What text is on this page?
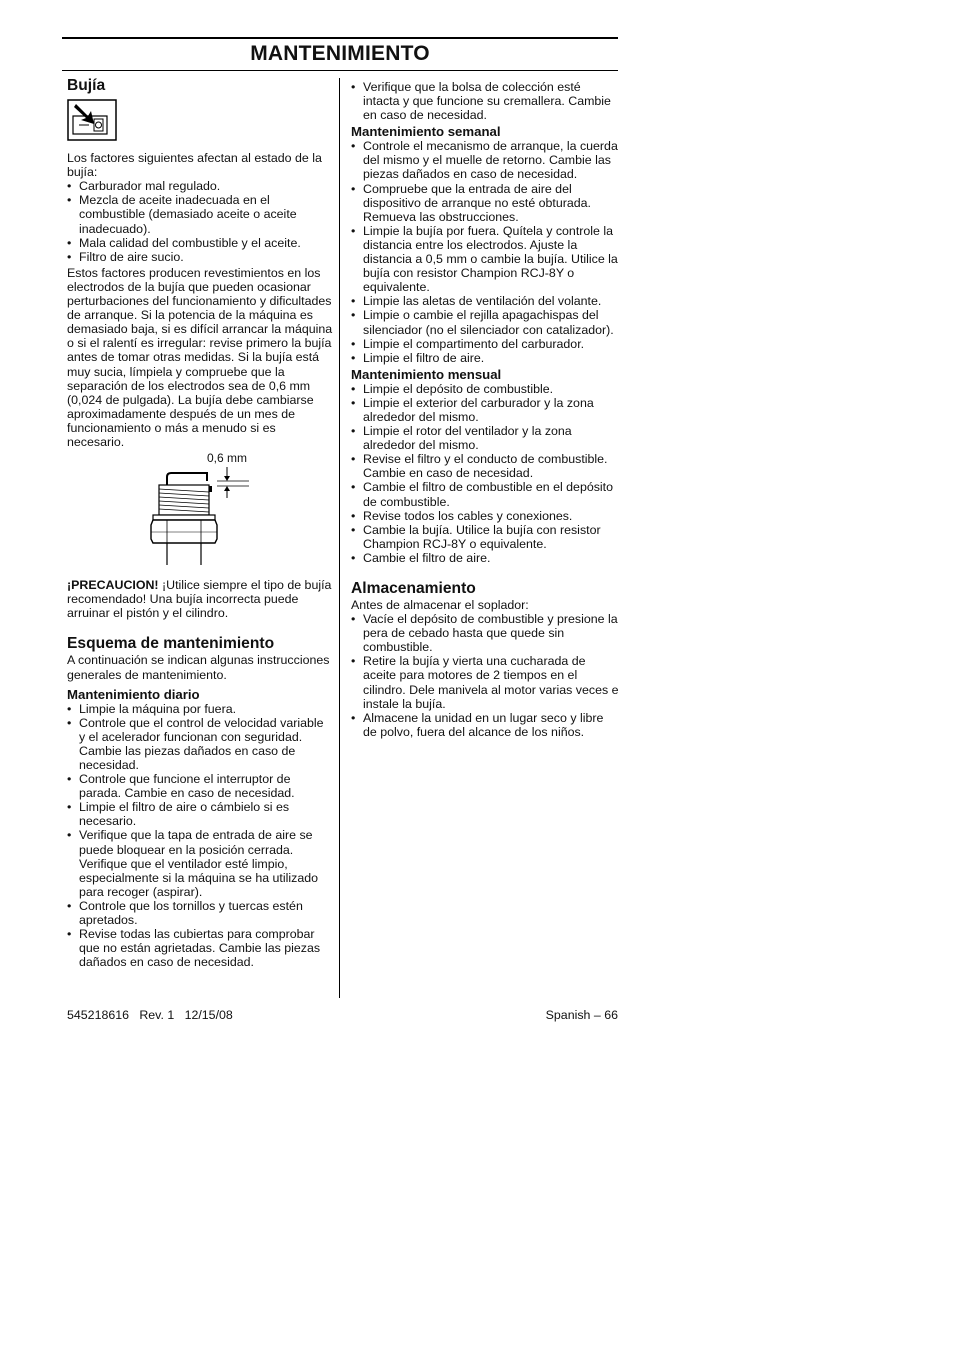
MANTENIMIENTO
Bujía

Los factores siguientes afectan al estado de la bujía:

• Carburador mal regulado.
• Mezcla de aceite inadecuada en el combustible (demasiado aceite o aceite inadecuado).
• Mala calidad del combustible y el aceite.
• Filtro de aire sucio.

Estos factores producen revestimientos en los electrodos de la bujía que pueden ocasionar perturbaciones del funcionamiento y dificultades de arranque. Si la potencia de la máquina es demasiado baja, si es difícil arrancar la máquina o si el ralentí es irregular: revise primero la bujía antes de tomar otras medidas. Si la bujía está muy sucia, límpiela y compruebe que la separación de los electrodos sea de 0,6 mm (0,024 de pulgada). La bujía debe cambiarse aproximadamente después de un mes de funcionamiento o más a menudo si es necesario.

0,6 mm

¡PRECAUCION! ¡Utilice siempre el tipo de bujía recomendado! Una bujía incorrecta puede arruinar el pistón y el cilindro.

Esquema de mantenimiento

A continuación se indican algunas instrucciones generales de mantenimiento.

Mantenimiento diario
• Limpie la máquina por fuera.
• Controle que el control de velocidad variable y el acelerador funcionan con seguridad. Cambie las piezas dañados en caso de necesidad.
• Controle que funcione el interruptor de parada. Cambie en caso de necesidad.
• Limpie el filtro de aire o cámbielo si es necesario.
• Verifique que la tapa de entrada de aire se puede bloquear en la posición cerrada. Verifique que el ventilador esté limpio, especialmente si la máquina se ha utilizado para recoger (aspirar).
• Controle que los tornillos y tuercas estén apretados.
• Revise todas las cubiertas para comprobar que no están agrietadas. Cambie las piezas dañados en caso de necesidad.
• Verifique que la bolsa de colección esté intacta y que funcione su cremallera. Cambie en caso de necesidad.
Mantenimiento semanal
• Controle el mecanismo de arranque, la cuerda del mismo y el muelle de retorno. Cambie las piezas dañados en caso de necesidad.
• Compruebe que la entrada de aire del dispositivo de arranque no esté obturada. Remueva las obstrucciones.
• Limpie la bujía por fuera. Quítela y controle la distancia entre los electrodos. Ajuste la distancia a 0,5 mm o cambie la bujía. Utilice la bujía con resistor Champion RCJ-8Y o equivalente.
• Limpie las aletas de ventilación del volante.
• Limpie o cambie el rejilla apagachispas del silenciador (no el silenciador con catalizador).
• Limpie el compartimento del carburador.
• Limpie el filtro de aire.
Mantenimiento mensual
• Limpie el depósito de combustible.
• Limpie el exterior del carburador y la zona alrededor del mismo.
• Limpie el rotor del ventilador y la zona alrededor del mismo.
• Revise el filtro y el conducto de combustible. Cambie en caso de necesidad.
• Cambie el filtro de combustible en el depósito de combustible.
• Revise todos los cables y conexiones.
• Cambie la bujía. Utilice la bujía con resistor Champion RCJ-8Y o equivalente.
• Cambie el filtro de aire.
Almacenamiento

Antes de almacenar el soplador:

• Vacíe el depósito de combustible y presione la pera de cebado hasta que quede sin combustible.
• Retire la bujía y vierta una cucharada de aceite para motores de 2 tiempos en el cilindro. Dele manivela al motor varias veces e instale la bujía.
• Almacene la unidad en un lugar seco y libre de polvo, fuera del alcance de los niños.
545218616   Rev. 1   12/15/08	Spanish – 66
